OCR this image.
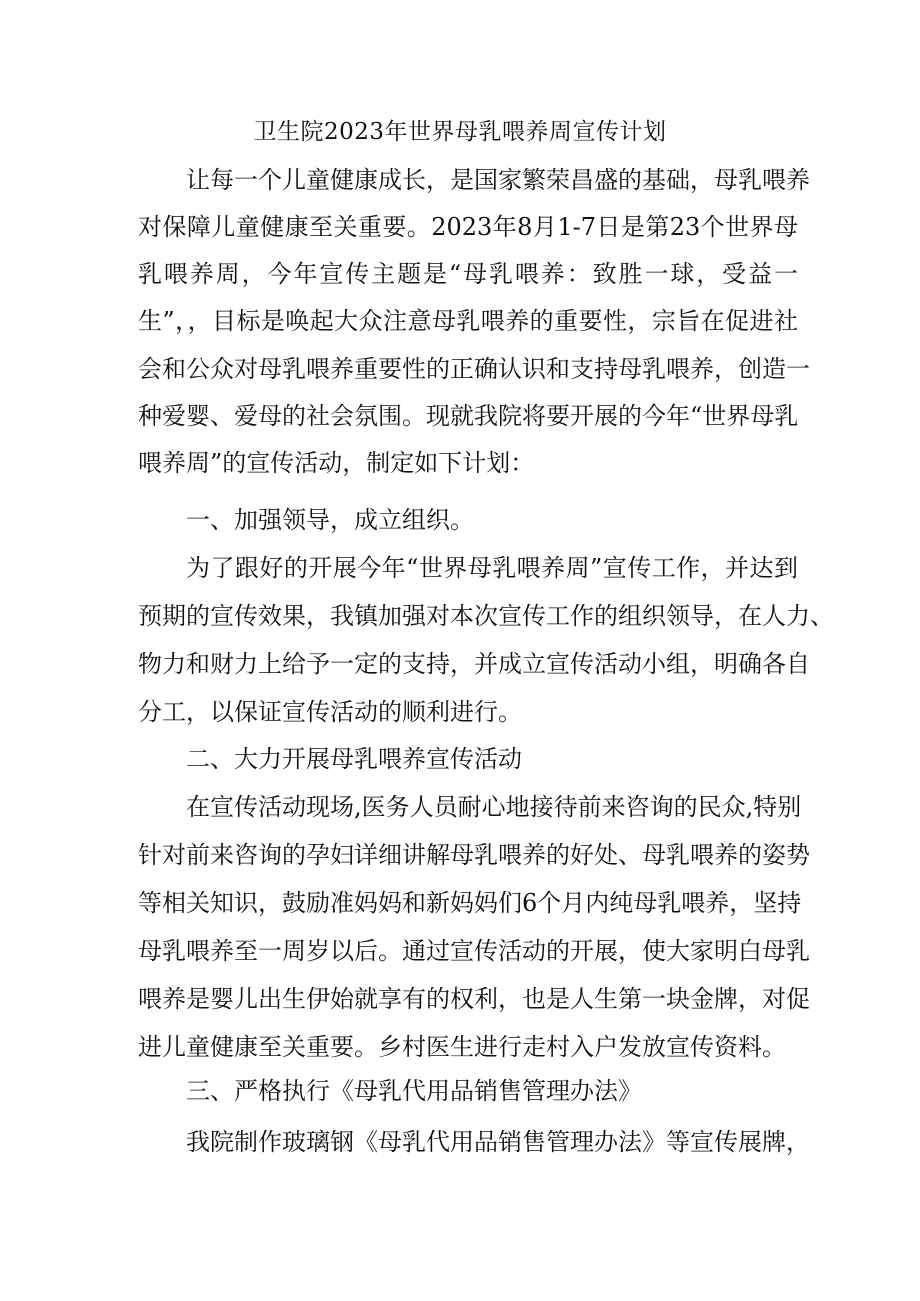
卫生院2023年世界母乳喂养周宣传计划
让每一个儿童健康成长，是国家繁荣昌盛的基础，母乳喂养
对保障儿童健康至关重要。2023年8月1-7日是第23个世界母
乳喂养周，今年宣传主题是“母乳喂养：致胜一球，受益一
生”，，目标是唤起大众注意母乳喂养的重要性，宗旨在促进社
会和公众对母乳喂养重要性的正确认识和支持母乳喂养，创造一
种爱婴、爱母的社会氛围。现就我院将要开展的今年“世界母乳
喂养周”的宣传活动，制定如下计划：
一、加强领导，成立组织。
为了跟好的开展今年“世界母乳喂养周”宣传工作，并达到
预期的宣传效果，我镇加强对本次宣传工作的组织领导，在人力、
物力和财力上给予一定的支持，并成立宣传活动小组，明确各自
分工，以保证宣传活动的顺利进行。
二、大力开展母乳喂养宣传活动
在宣传活动现场,医务人员耐心地接待前来咨询的民众,特别
针对前来咨询的孕妇详细讲解母乳喂养的好处、母乳喂养的姿势
等相关知识，鼓励准妈妈和新妈妈们6个月内纯母乳喂养，坚持
母乳喂养至一周岁以后。通过宣传活动的开展，使大家明白母乳
喂养是婴儿出生伊始就享有的权利，也是人生第一块金牌，对促
进儿童健康至关重要。乡村医生进行走村入户发放宣传资料。
三、严格执行《母乳代用品销售管理办法》
我院制作玻璃钢《母乳代用品销售管理办法》等宣传展牌，
